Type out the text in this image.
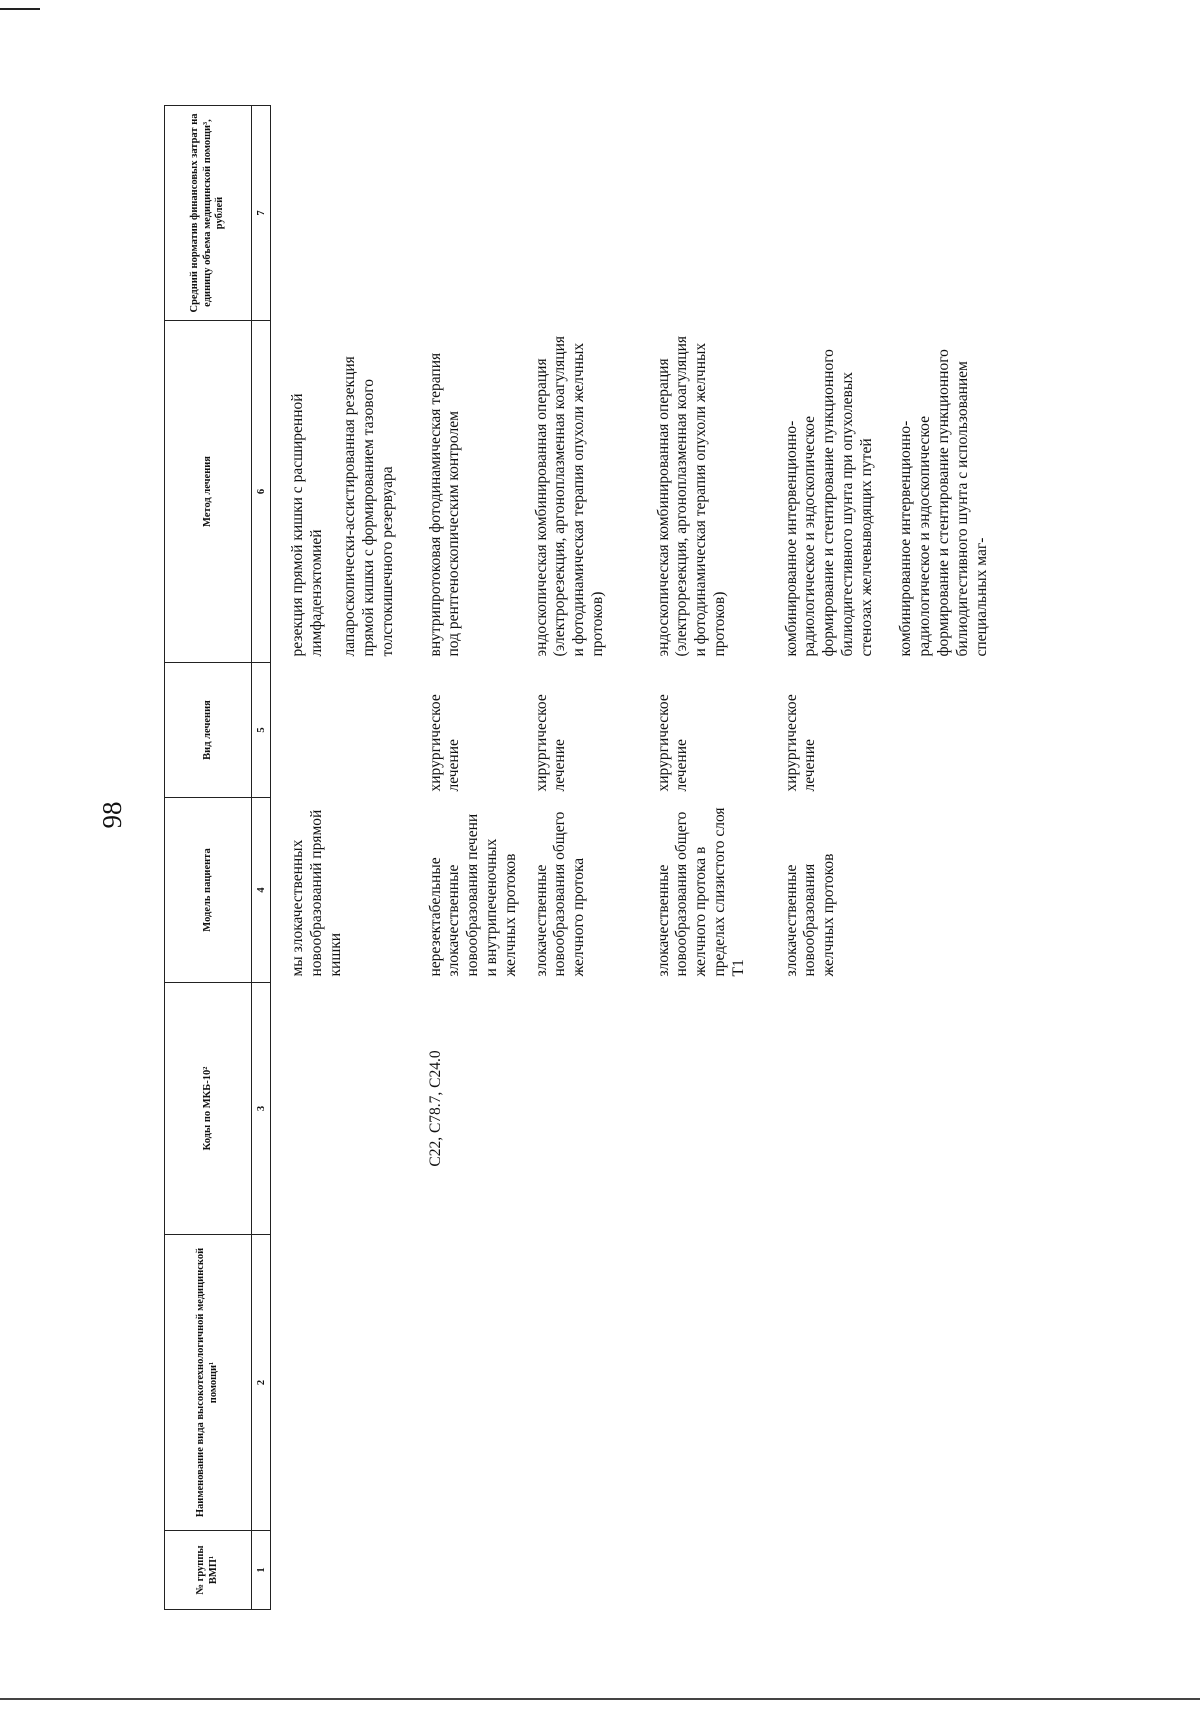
98
№ группы ВМП¹	Наименование вида высокотехнологичной медицинской помощи¹	Коды по МКБ-10²	Модель пациента	Вид лечения	Метод лечения	Средний норматив финансовых затрат на единицу объема медицинской помощи³, рублей
1	2	3	4	5	6	7
			мы злокачественных новообразований прямой кишки		резекция прямой кишки с расширенной лимфаденэктомией лапароскопически-ассистированная резекция прямой кишки с формированием тазового толстокишечного резервуара	

		C22, C78.7, C24.0	нерезектабельные злокачественные новообразования печени и внутрипеченочных желчных протоков	хирургическое лечение	внутрипротоковая фотодинамическая терапия под рентгеноскопическим контролем	

			злокачественные новообразования общего желчного протока	хирургическое лечение	эндоскопическая комбинированная операция (электрорезекция, аргоноплазменная коагуляция и фотодинамическая терапия опухоли желчных протоков)	

			злокачественные новообразования общего желчного протока в пределах слизистого слоя T1	хирургическое лечение	эндоскопическая комбинированная операция (электрорезекция, аргоноплазменная коагуляция и фотодинамическая терапия опухоли желчных протоков)	

			злокачественные новообразования желчных протоков	хирургическое лечение	комбинированное интервенционно-радиологическое и эндоскопическое формирование и стентирование пункционного билиодигестивного шунта при опухолевых стенозах желчевыводящих путей комбинированное интервенционно-радиологическое и эндоскопическое формирование и стентирование пункционного билиодигестивного шунта с использованием специальных маг-	
